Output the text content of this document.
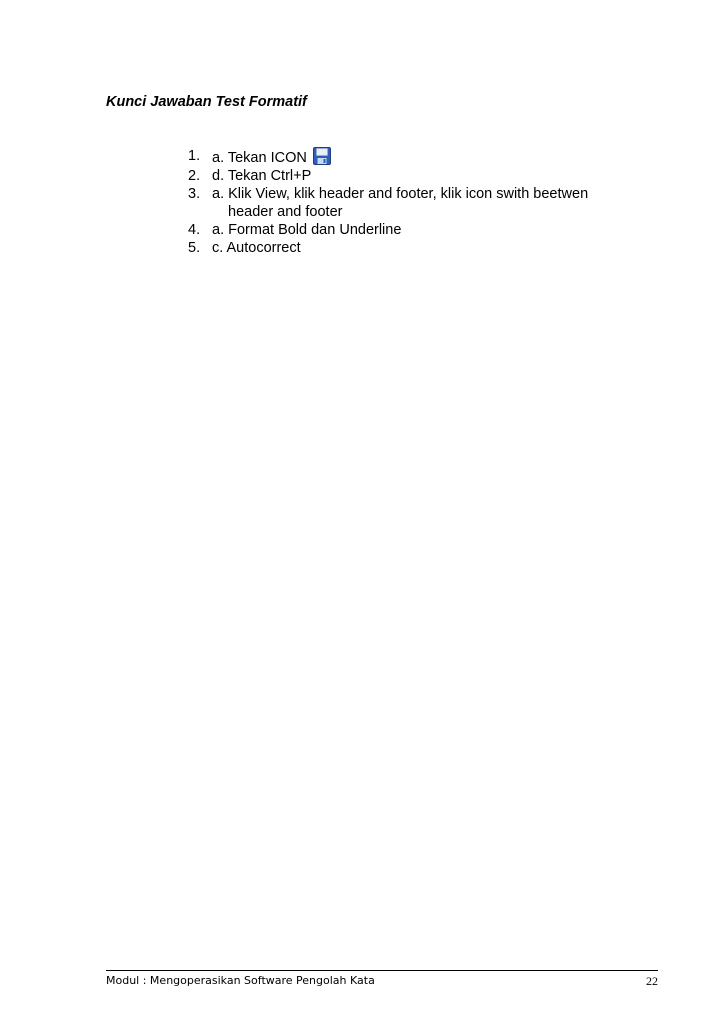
Kunci Jawaban Test Formatif
1. a. Tekan ICON
2. d. Tekan Ctrl+P
3. a. Klik View, klik header and footer, klik icon swith beetwen
header and footer
4. a. Format Bold dan Underline
5. c. Autocorrect
Modul : Mengoperasikan Software Pengolah Kata	22
